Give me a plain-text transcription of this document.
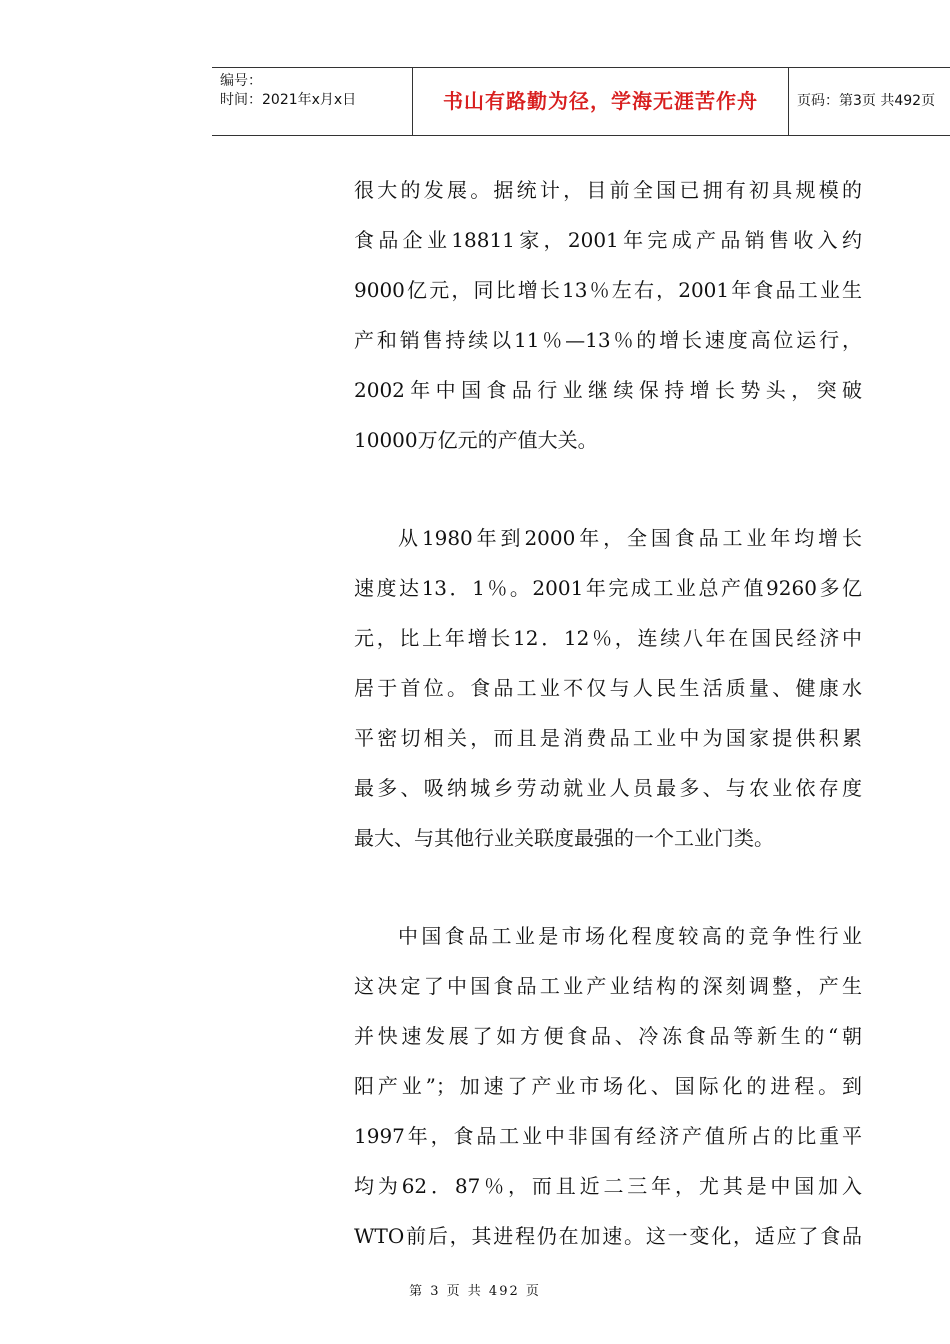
编号：
时间：2021年x月x日	书山有路勤为径，学海无涯苦作舟	页码：第3页 共492页
很大的发展。据统计，目前全国已拥有初具规模的
食品企业18811家，2001年完成产品销售收入约
9000亿元，同比增长13％左右，2001年食品工业生
产和销售持续以11％—13％的增长速度高位运行，
2002年中国食品行业继续保持增长势头，突破
10000万亿元的产值大关。
从1980年到2000年，全国食品工业年均增长
速度达13．1％。2001年完成工业总产值9260多亿
元，比上年增长12．12％，连续八年在国民经济中
居于首位。食品工业不仅与人民生活质量、健康水
平密切相关，而且是消费品工业中为国家提供积累
最多、吸纳城乡劳动就业人员最多、与农业依存度
最大、与其他行业关联度最强的一个工业门类。
中国食品工业是市场化程度较高的竞争性行业
这决定了中国食品工业产业结构的深刻调整，产生
并快速发展了如方便食品、冷冻食品等新生的“朝
阳产业”；加速了产业市场化、国际化的进程。到
1997年，食品工业中非国有经济产值所占的比重平
均为62．87％，而且近二三年，尤其是中国加入
WTO前后，其进程仍在加速。这一变化，适应了食品
第 3 页 共 492 页
